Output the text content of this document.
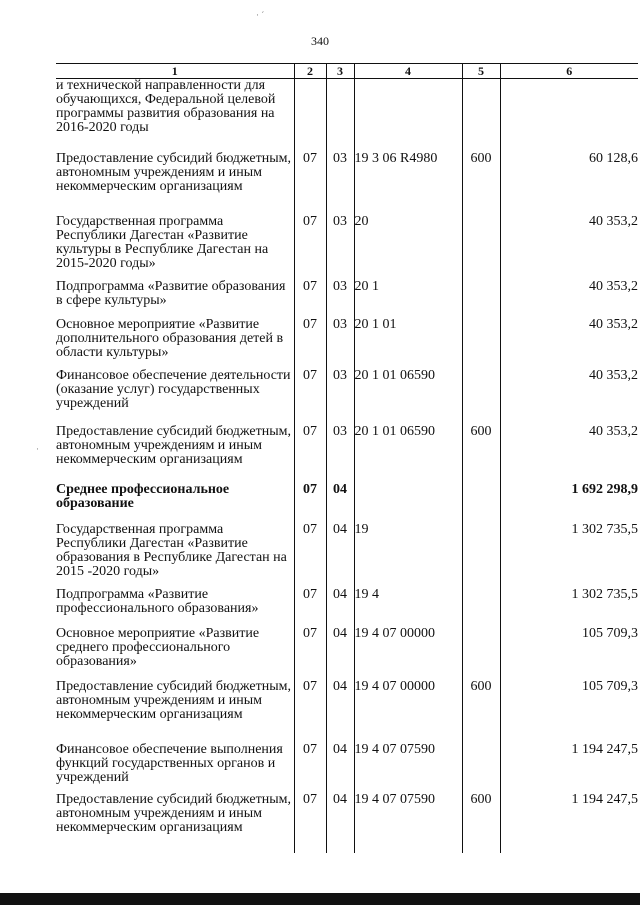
· ´
·
340
1	2	3	4	5	6
и технической направленности для обучающихся, Федеральной целевой программы развития образования на 2016-2020 годы					
Предоставление субсидий бюджетным, автономным учреждениям и иным некоммерческим организациям	07	03	19 3 06 R4980	600	60 128,6
Государственная программа Республики Дагестан «Развитие культуры в Республике Дагестан на 2015-2020 годы»	07	03	20		40 353,2
Подпрограмма «Развитие образования в сфере культуры»	07	03	20 1		40 353,2
Основное мероприятие «Развитие дополнительного образования детей в области культуры»	07	03	20 1 01		40 353,2
Финансовое обеспечение деятельности (оказание услуг) государственных учреждений	07	03	20 1 01 06590		40 353,2
Предоставление субсидий бюджетным, автономным учреждениям и иным некоммерческим организациям	07	03	20 1 01 06590	600	40 353,2
Среднее профессиональное образование	07	04			1 692 298,9
Государственная программа Республики Дагестан «Развитие образования в Республике Дагестан на 2015 -2020 годы»	07	04	19		1 302 735,5
Подпрограмма «Развитие профессионального образования»	07	04	19 4		1 302 735,5
Основное мероприятие «Развитие среднего профессионального образования»	07	04	19 4 07 00000		105 709,3
Предоставление субсидий бюджетным, автономным учреждениям и иным некоммерческим организациям	07	04	19 4 07 00000	600	105 709,3
Финансовое обеспечение выполнения функций государственных органов и учреждений	07	04	19 4 07 07590		1 194 247,5
Предоставление субсидий бюджетным, автономным учреждениям и иным некоммерческим организациям	07	04	19 4 07 07590	600	1 194 247,5
